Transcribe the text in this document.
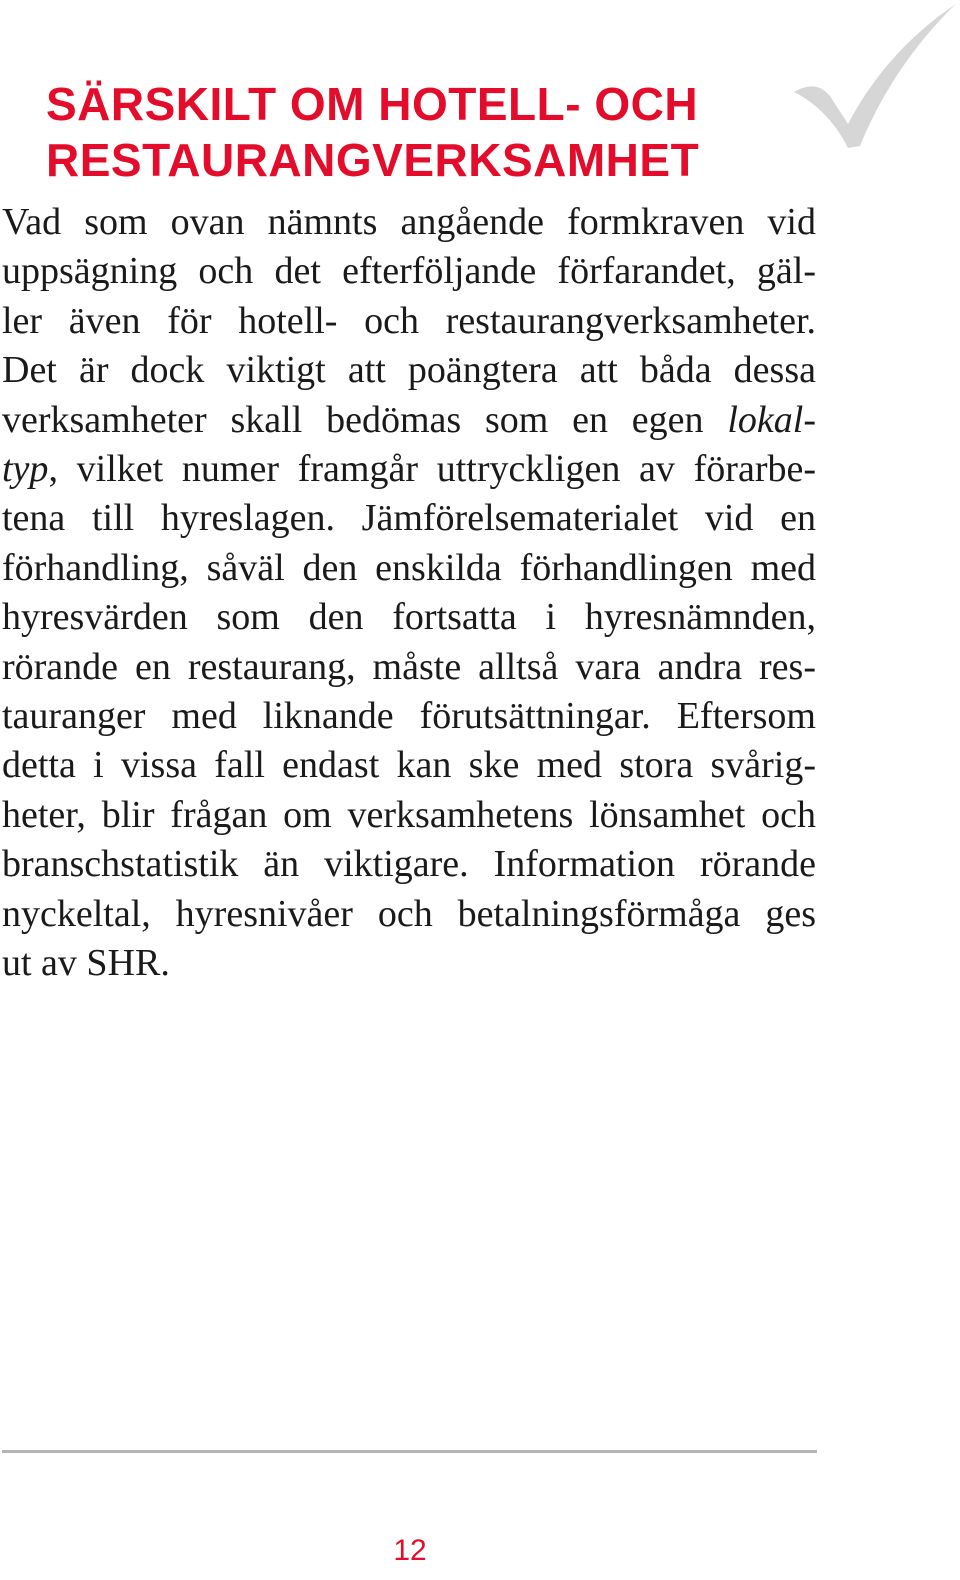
SÄRSKILT OM HOTELL- OCH
RESTAURANGVERKSAMHET
Vad som ovan nämnts angående formkraven vid
uppsägning och det efterföljande förfarandet, gäl-
ler även för hotell- och restaurangverksamheter.
Det är dock viktigt att poängtera att båda dessa
verksamheter skall bedömas som en egen lokal-
typ, vilket numer framgår uttryckligen av förarbe-
tena till hyreslagen. Jämförelsematerialet vid en
förhandling, såväl den enskilda förhandlingen med
hyresvärden som den fortsatta i hyresnämnden,
rörande en restaurang, måste alltså vara andra res-
tauranger med liknande förutsättningar. Eftersom
detta i vissa fall endast kan ske med stora svårig-
heter, blir frågan om verksamhetens lönsamhet och
branschstatistik än viktigare. Information rörande
nyckeltal, hyresnivåer och betalningsförmåga ges
ut av SHR.
12
